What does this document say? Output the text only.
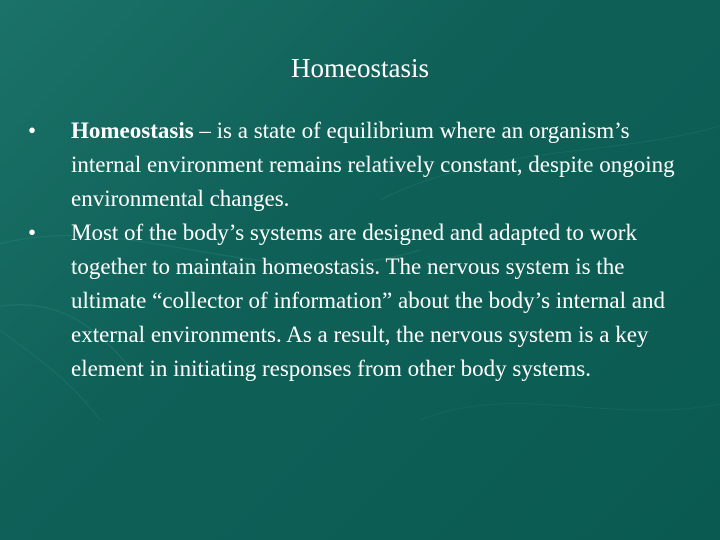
Homeostasis
•	Homeostasis – is a state of equilibrium where an organism’s internal environment remains relatively constant, despite ongoing environmental changes.
•	Most of the body’s systems are designed and adapted to work together to maintain homeostasis. The nervous system is the ultimate “collector of information” about the body’s internal and external environments. As a result, the nervous system is a key element in initiating responses from other body systems.
